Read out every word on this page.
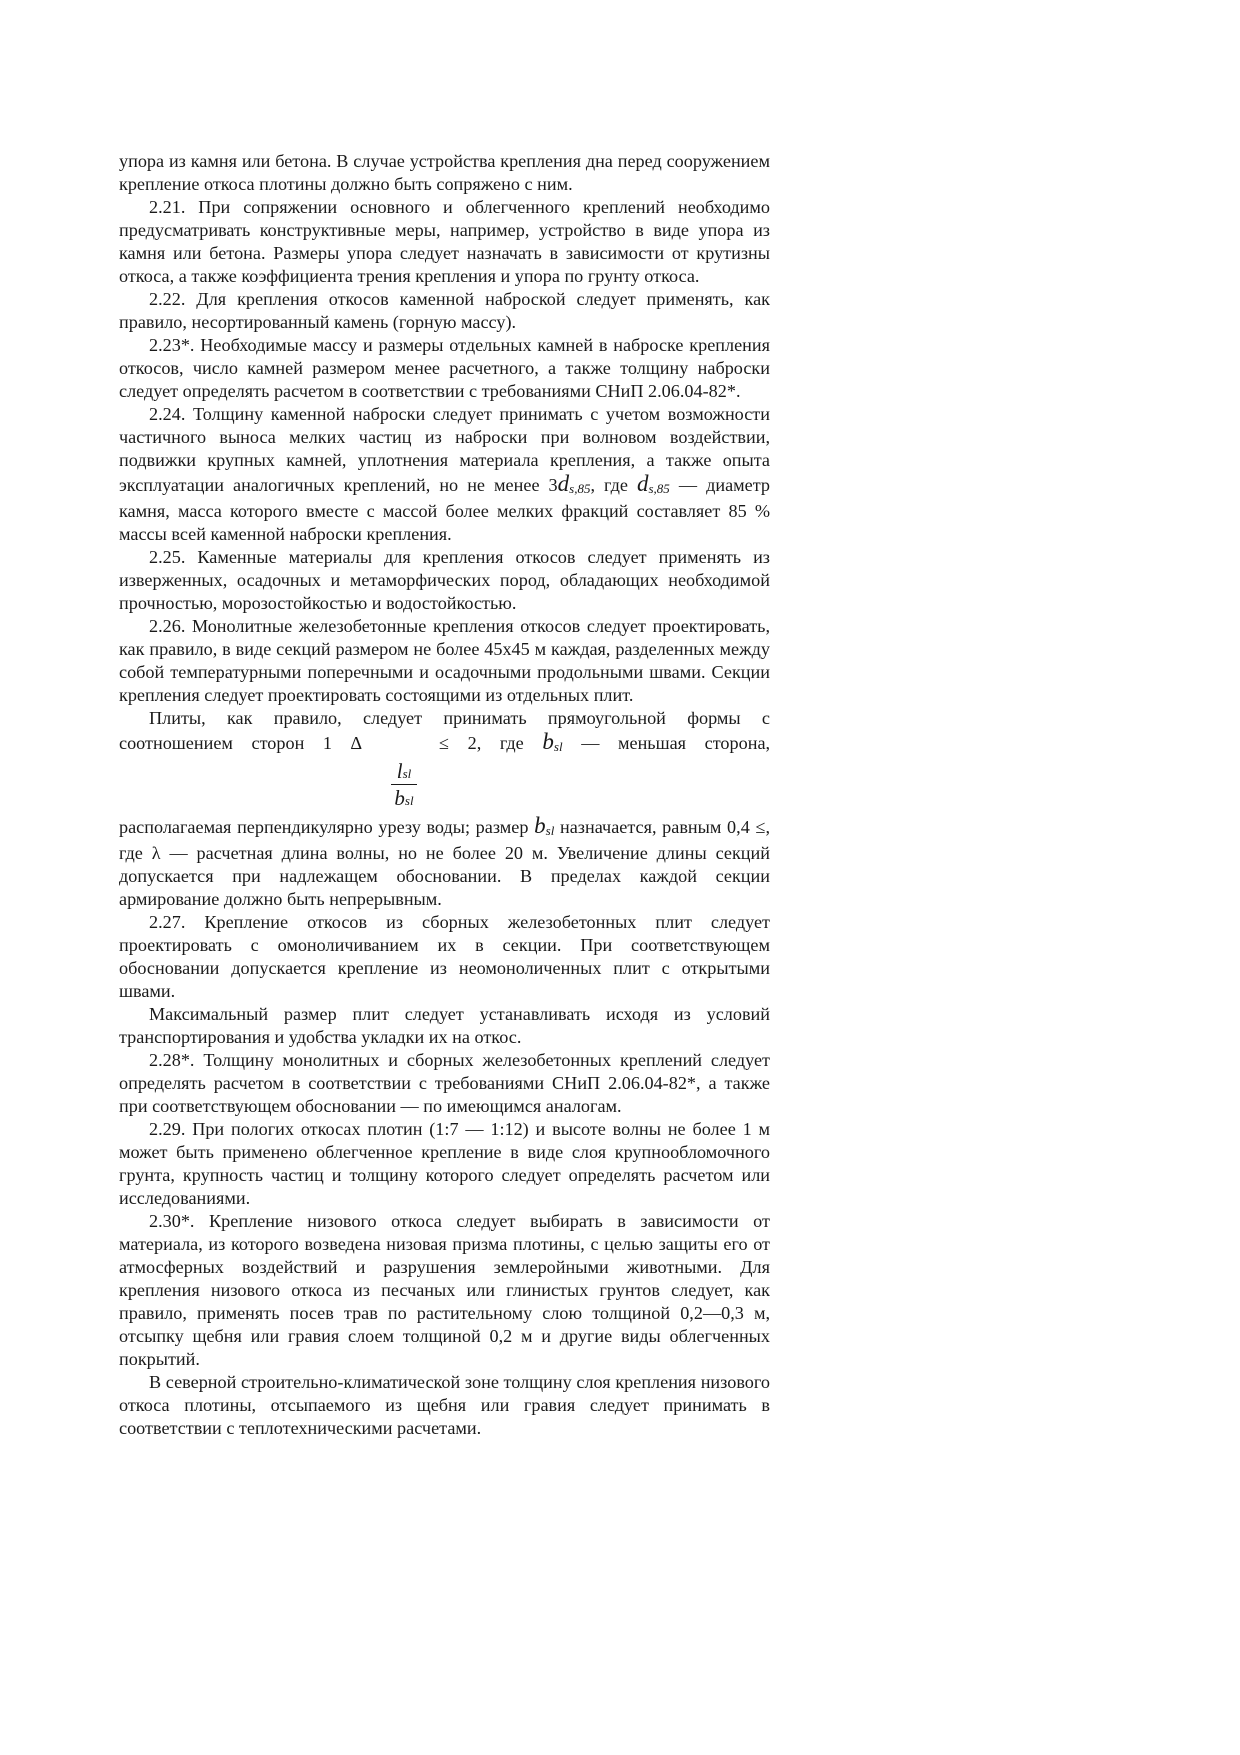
упора из камня или бетона. В случае устройства крепления дна перед сооружением крепление откоса плотины должно быть сопряжено с ним.

2.21. При сопряжении основного и облегченного креплений необходимо предусматривать конструктивные меры, например, устройство в виде упора из камня или бетона. Размеры упора следует назначать в зависимости от крутизны откоса, а также коэффициента трения крепления и упора по грунту откоса.

2.22. Для крепления откосов каменной наброской следует применять, как правило, несортированный камень (горную массу).

2.23*. Необходимые массу и размеры отдельных камней в наброске крепления откосов, число камней размером менее расчетного, а также толщину наброски следует определять расчетом в соответствии с требованиями СНиП 2.06.04-82*.

2.24. Толщину каменной наброски следует принимать с учетом возможности частичного выноса мелких частиц из наброски при волновом воздействии, подвижки крупных камней, уплотнения материала крепления, а также опыта эксплуатации аналогичных креплений, но не менее 3ds,85, где ds,85 — диаметр камня, масса которого вместе с массой более мелких фракций составляет 85 % массы всей каменной наброски крепления.

2.25. Каменные материалы для крепления откосов следует применять из изверженных, осадочных и метаморфических пород, обладающих необходимой прочностью, морозостойкостью и водостойкостью.

2.26. Монолитные железобетонные крепления откосов следует проектировать, как правило, в виде секций размером не более 45х45 м каждая, разделенных между собой температурными поперечными и осадочными продольными швами. Секции крепления следует проектировать состоящими из отдельных плит.

Плиты, как правило, следует принимать прямоугольной формы с

соотношением сторон 1 ∆	≤ 2, где bsl — меньшая сторона,

lsl
bsl

располагаемая перпендикулярно урезу воды; размер bsl назначается, равным 0,4 ≤, где λ — расчетная длина волны, но не более 20 м. Увеличение длины секций допускается при надлежащем обосновании. В пределах каждой секции армирование должно быть непрерывным.

2.27. Крепление откосов из сборных железобетонных плит следует проектировать с омоноличиванием их в секции. При соответствующем обосновании допускается крепление из неомоноличенных плит с открытыми швами.

Максимальный размер плит следует устанавливать исходя из условий транспортирования и удобства укладки их на откос.

2.28*. Толщину монолитных и сборных железобетонных креплений следует определять расчетом в соответствии с требованиями СНиП 2.06.04-82*, а также при соответствующем обосновании — по имеющимся аналогам.

2.29. При пологих откосах плотин (1:7 — 1:12) и высоте волны не более 1 м может быть применено облегченное крепление в виде слоя крупнообломочного грунта, крупность частиц и толщину которого следует определять расчетом или исследованиями.

2.30*. Крепление низового откоса следует выбирать в зависимости от материала, из которого возведена низовая призма плотины, с целью защиты его от атмосферных воздействий и разрушения землеройными животными. Для крепления низового откоса из песчаных или глинистых грунтов следует, как правило, применять посев трав по растительному слою толщиной 0,2—0,3 м, отсыпку щебня или гравия слоем толщиной 0,2 м и другие виды облегченных покрытий.

В северной строительно-климатической зоне толщину слоя крепления низового откоса плотины, отсыпаемого из щебня или гравия следует принимать в соответствии с теплотехническими расчетами.
